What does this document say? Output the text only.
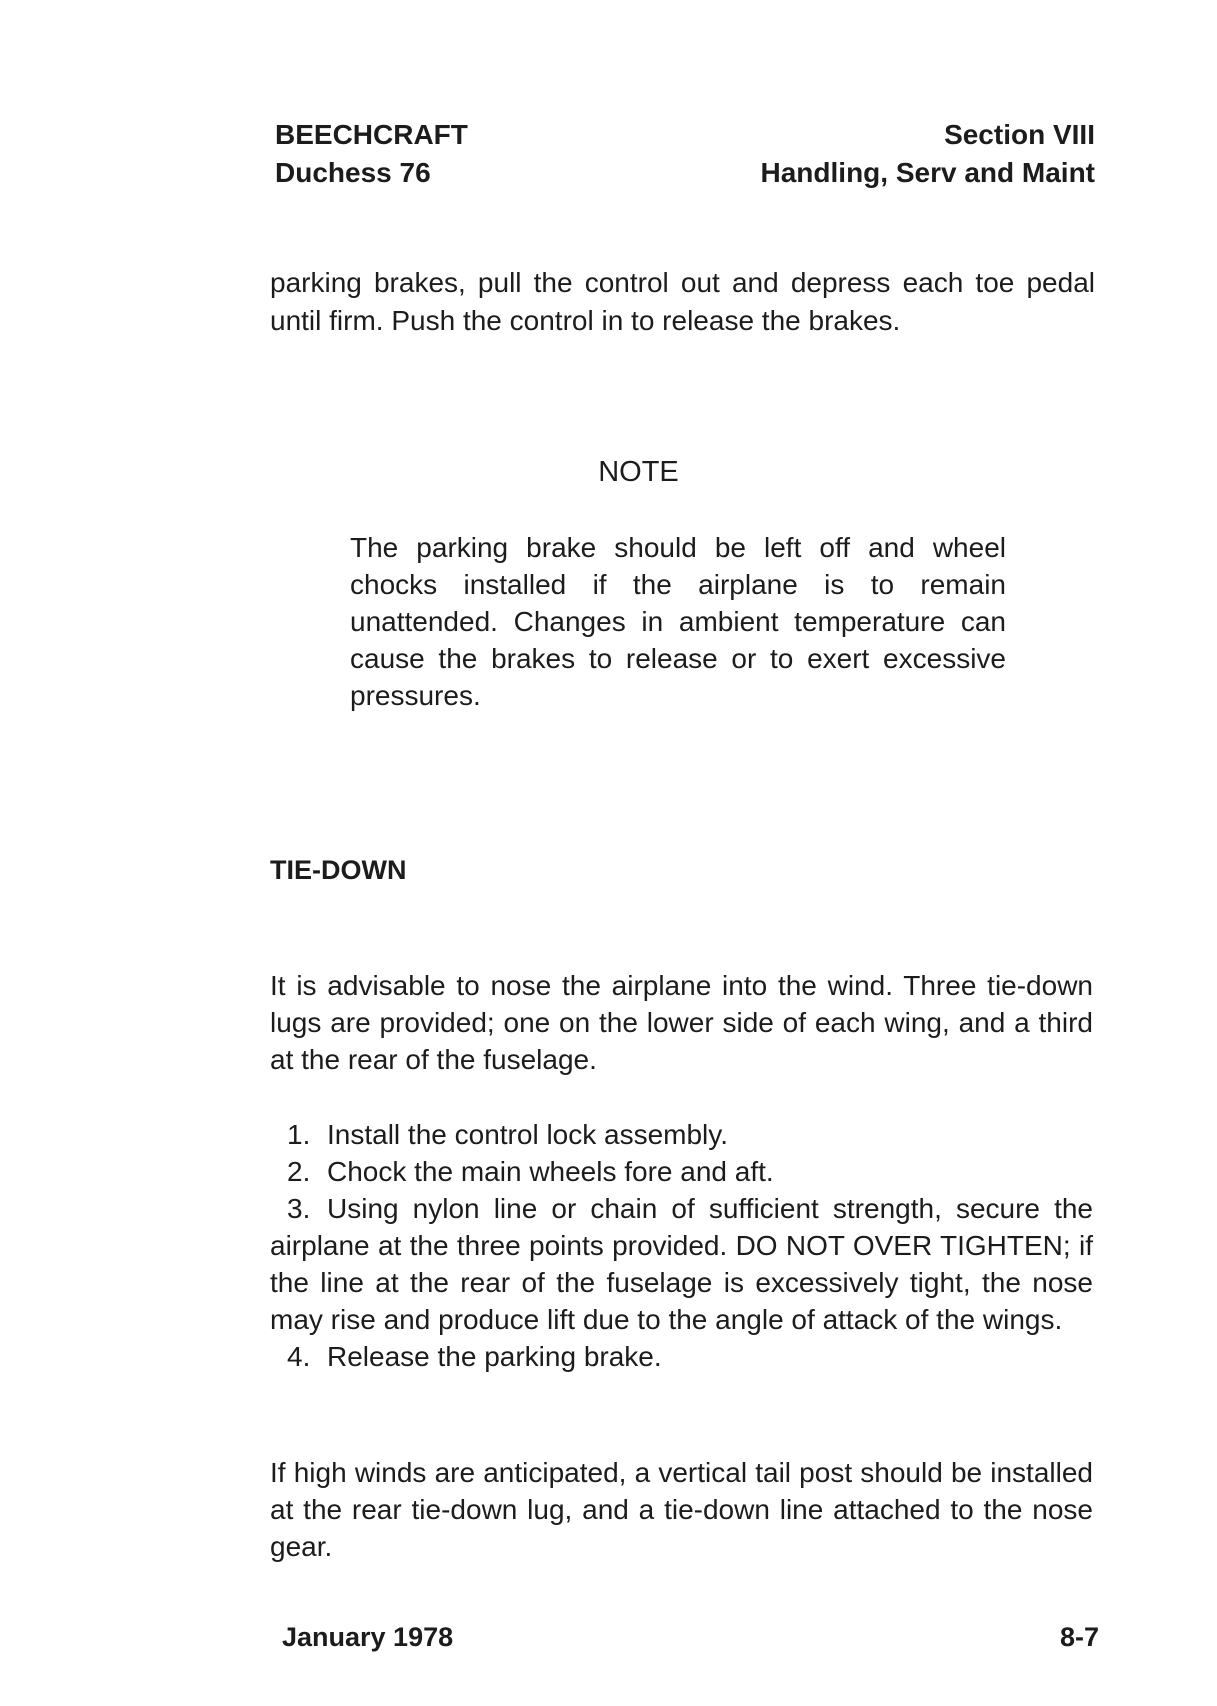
BEECHCRAFT
Duchess 76
Section VIII
Handling, Serv and Maint
parking brakes, pull the control out and depress each toe pedal until firm. Push the control in to release the brakes.
NOTE
The parking brake should be left off and wheel chocks installed if the airplane is to remain unattended. Changes in ambient temperature can cause the brakes to release or to exert excessive pressures.
TIE-DOWN
It is advisable to nose the airplane into the wind. Three tie-down lugs are provided; one on the lower side of each wing, and a third at the rear of the fuselage.
1. Install the control lock assembly.
2. Chock the main wheels fore and aft.
3. Using nylon line or chain of sufficient strength, secure the airplane at the three points provided. DO NOT OVER TIGHTEN; if the line at the rear of the fuselage is excessively tight, the nose may rise and produce lift due to the angle of attack of the wings.
4. Release the parking brake.
If high winds are anticipated, a vertical tail post should be installed at the rear tie-down lug, and a tie-down line attached to the nose gear.
January 1978	8-7
